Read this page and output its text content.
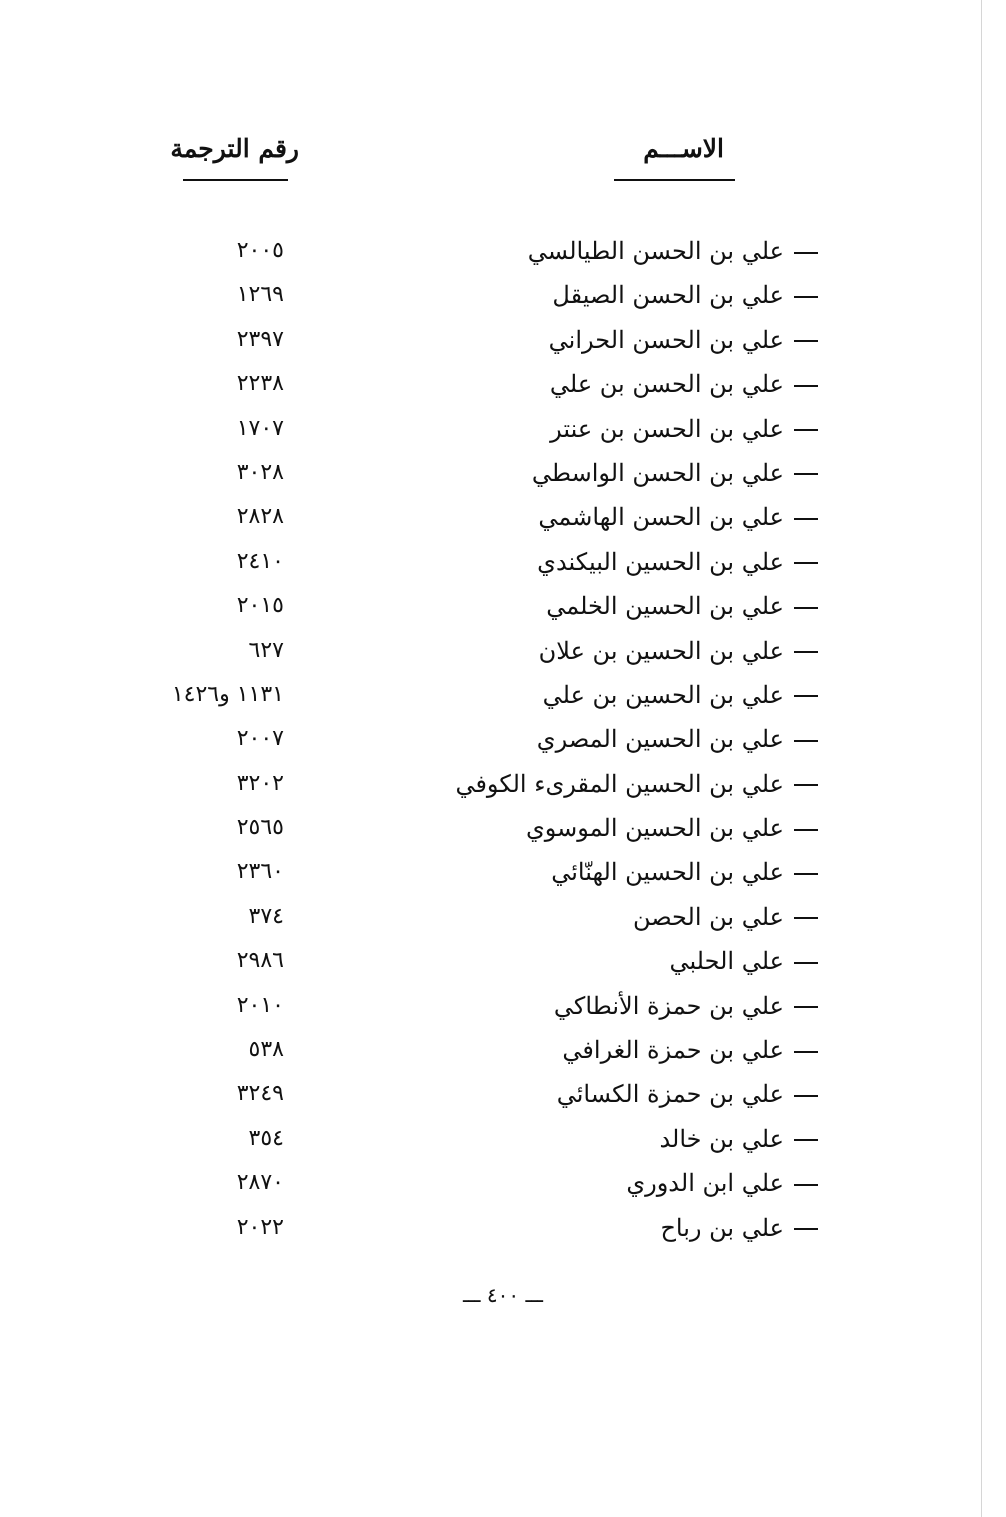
الاســـم
رقم الترجمة
علي بن الحسن الطيالسي
٢٠٠٥
علي بن الحسن الصيقل
١٢٦٩
علي بن الحسن الحراني
٢٣٩٧
علي بن الحسن بن علي
٢٢٣٨
علي بن الحسن بن عنتر
١٧٠٧
علي بن الحسن الواسطي
٣٠٢٨
علي بن الحسن الهاشمي
٢٨٢٨
علي بن الحسين البيكندي
٢٤١٠
علي بن الحسين الخلمي
٢٠١٥
علي بن الحسين بن علان
٦٢٧
علي بن الحسين بن علي
١١٣١ و١٤٢٦
علي بن الحسين المصري
٢٠٠٧
علي بن الحسين المقرىء الكوفي
٣٢٠٢
علي بن الحسين الموسوي
٢٥٦٥
علي بن الحسين الهنّائي
٢٣٦٠
علي بن الحصن
٣٧٤
علي الحلبي
٢٩٨٦
علي بن حمزة الأنطاكي
٢٠١٠
علي بن حمزة الغرافي
٥٣٨
علي بن حمزة الكسائي
٣٢٤٩
علي بن خالد
٣٥٤
علي ابن الدوري
٢٨٧٠
علي بن رباح
٢٠٢٢
ـــ ٤٠٠ ـــ
